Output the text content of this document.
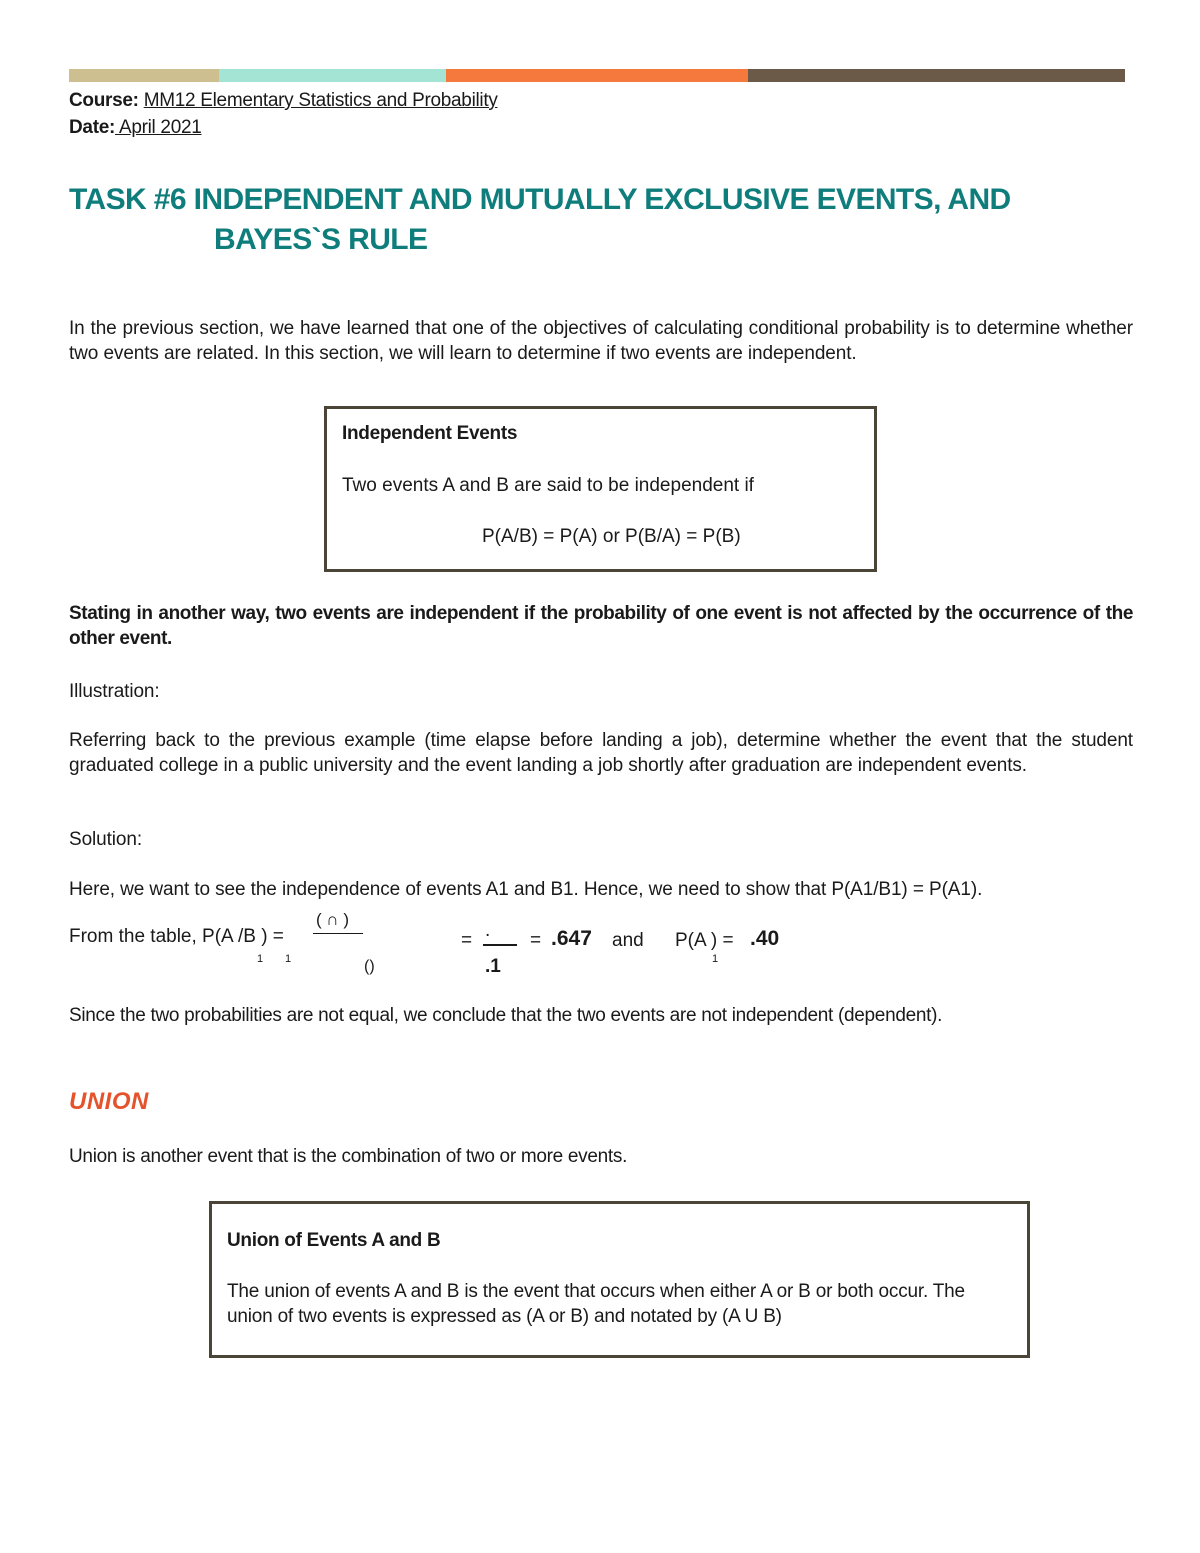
Course: MM12 Elementary Statistics and Probability
Date: April 2021
TASK #6 INDEPENDENT AND MUTUALLY EXCLUSIVE EVENTS, AND
BAYES`S RULE
In the previous section, we have learned that one of the objectives of calculating conditional probability is to determine whether two events are related. In this section, we will learn to determine if two events are independent.
Independent Events
Two events A and B are said to be independent if
P(A/B) = P(A) or P(B/A) = P(B)
Stating in another way, two events are independent if the probability of one event is not affected by the occurrence of the other event.
Illustration:
Referring back to the previous example (time elapse before landing a job), determine whether the event that the student graduated college in a public university and the event landing a job shortly after graduation are independent events.
Solution:
Here, we want to see the independence of events A1 and B1. Hence, we need to show that P(A1/B1) = P(A1).
From the table, P(A /B ) =
1 1
( ∩ )
()
= .
.1
= .647 and P(A ) =
1
.40
Since the two probabilities are not equal, we conclude that the two events are not independent (dependent).
UNION
Union is another event that is the combination of two or more events.
Union of Events A and B
The union of events A and B is the event that occurs when either A or B or both occur. The union of two events is expressed as (A or B) and notated by (A U B)
